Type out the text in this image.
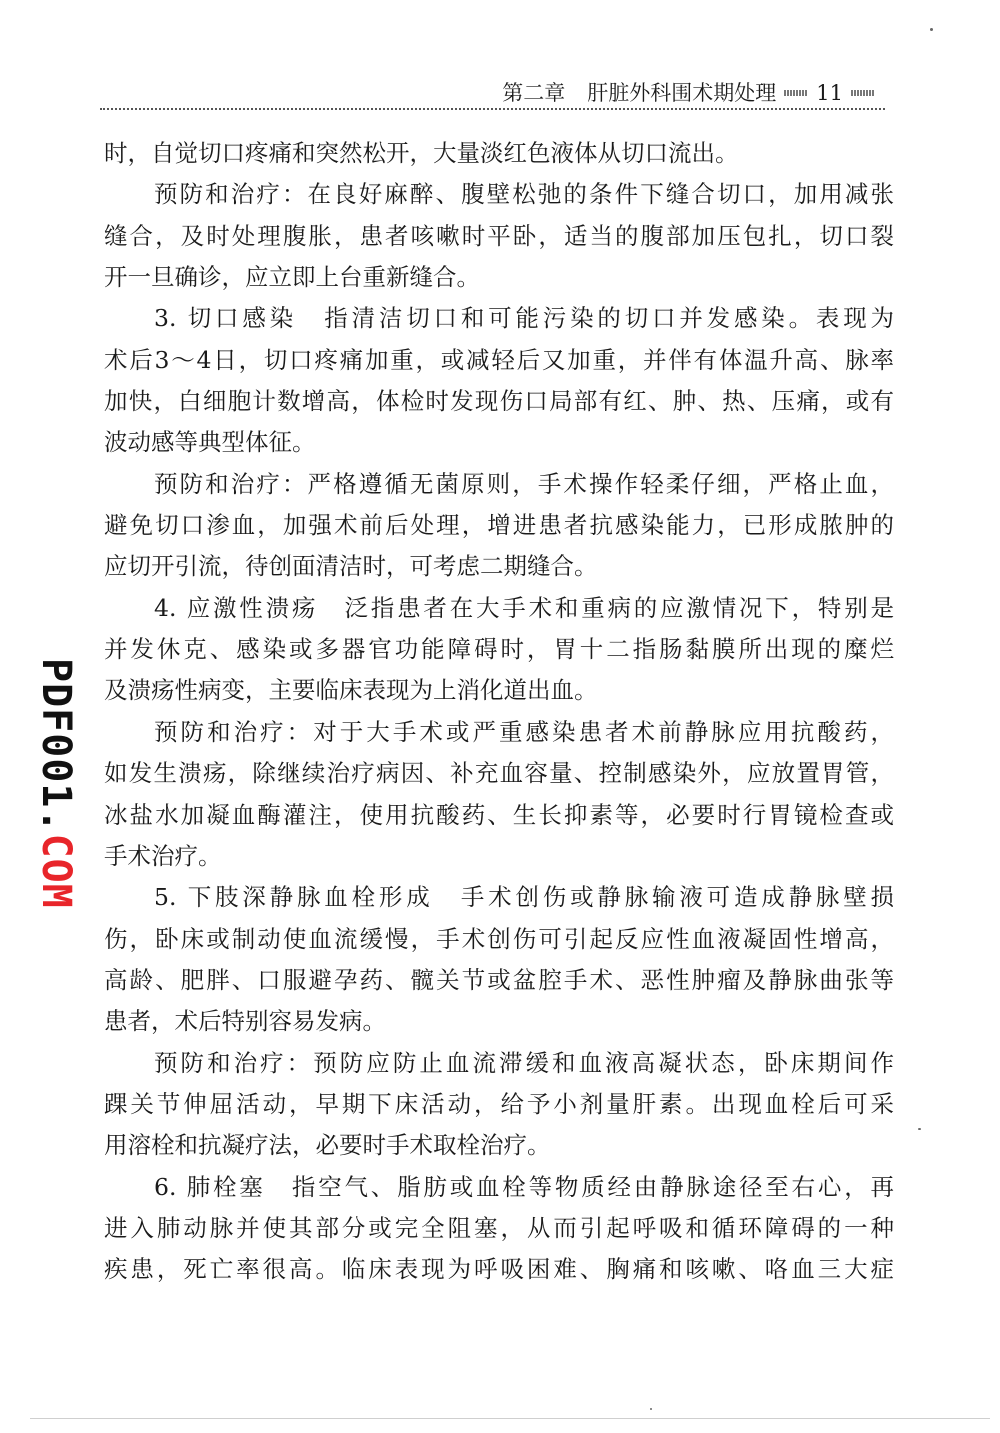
第二章 肝脏外科围术期处理 11
PDF001.COM
时，自觉切口疼痛和突然松开，大量淡红色液体从切口流出。
预防和治疗：在良好麻醉、腹壁松弛的条件下缝合切口，加用减张
缝合，及时处理腹胀，患者咳嗽时平卧，适当的腹部加压包扎，切口裂
开一旦确诊，应立即上台重新缝合。
3. 切口感染　指清洁切口和可能污染的切口并发感染。表现为
术后3～4日，切口疼痛加重，或减轻后又加重，并伴有体温升高、脉率
加快，白细胞计数增高，体检时发现伤口局部有红、肿、热、压痛，或有
波动感等典型体征。
预防和治疗：严格遵循无菌原则，手术操作轻柔仔细，严格止血，
避免切口渗血，加强术前后处理，增进患者抗感染能力，已形成脓肿的
应切开引流，待创面清洁时，可考虑二期缝合。
4. 应激性溃疡　泛指患者在大手术和重病的应激情况下，特别是
并发休克、感染或多器官功能障碍时，胃十二指肠黏膜所出现的糜烂
及溃疡性病变，主要临床表现为上消化道出血。
预防和治疗：对于大手术或严重感染患者术前静脉应用抗酸药，
如发生溃疡，除继续治疗病因、补充血容量、控制感染外，应放置胃管，
冰盐水加凝血酶灌注，使用抗酸药、生长抑素等，必要时行胃镜检查或
手术治疗。
5. 下肢深静脉血栓形成　手术创伤或静脉输液可造成静脉壁损
伤，卧床或制动使血流缓慢，手术创伤可引起反应性血液凝固性增高，
高龄、肥胖、口服避孕药、髋关节或盆腔手术、恶性肿瘤及静脉曲张等
患者，术后特别容易发病。
预防和治疗：预防应防止血流滞缓和血液高凝状态，卧床期间作
踝关节伸屈活动，早期下床活动，给予小剂量肝素。出现血栓后可采
用溶栓和抗凝疗法，必要时手术取栓治疗。
6. 肺栓塞　指空气、脂肪或血栓等物质经由静脉途径至右心，再
进入肺动脉并使其部分或完全阻塞，从而引起呼吸和循环障碍的一种
疾患，死亡率很高。临床表现为呼吸困难、胸痛和咳嗽、咯血三大症
